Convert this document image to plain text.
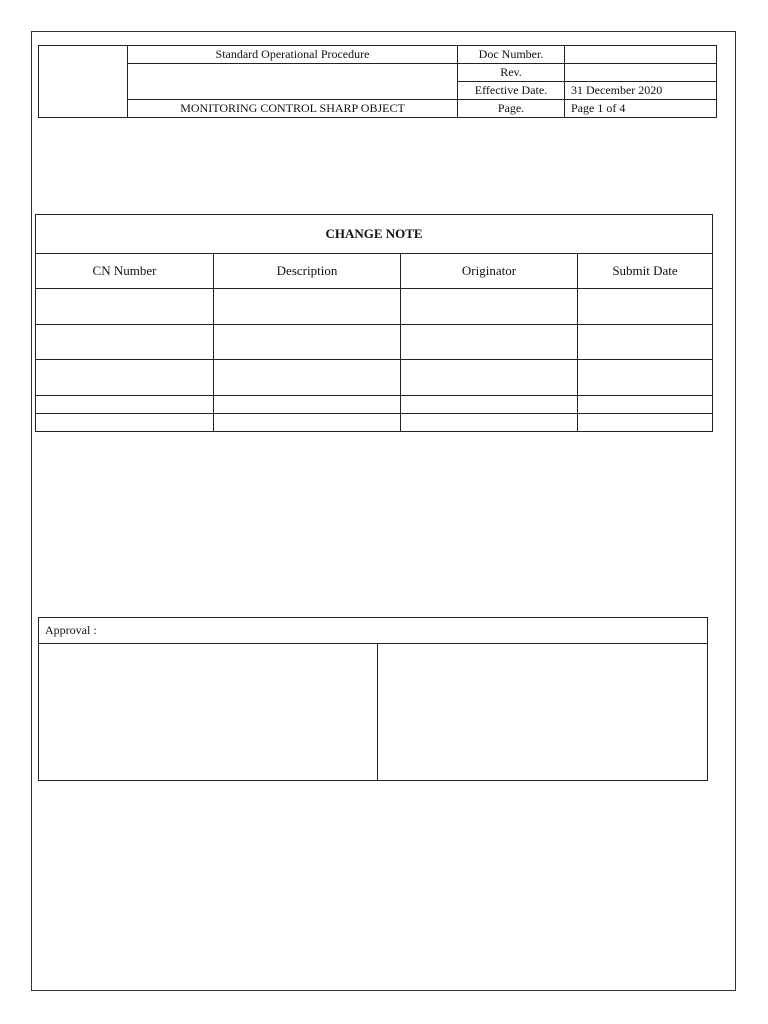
	Standard Operational Procedure	Doc Number.	
		Rev.	
		Effective Date.	31 December 2020
	MONITORING CONTROL SHARP OBJECT	Page.	Page 1 of 4
CHANGE NOTE			
CN Number	Description	Originator	Submit Date

Approval :
